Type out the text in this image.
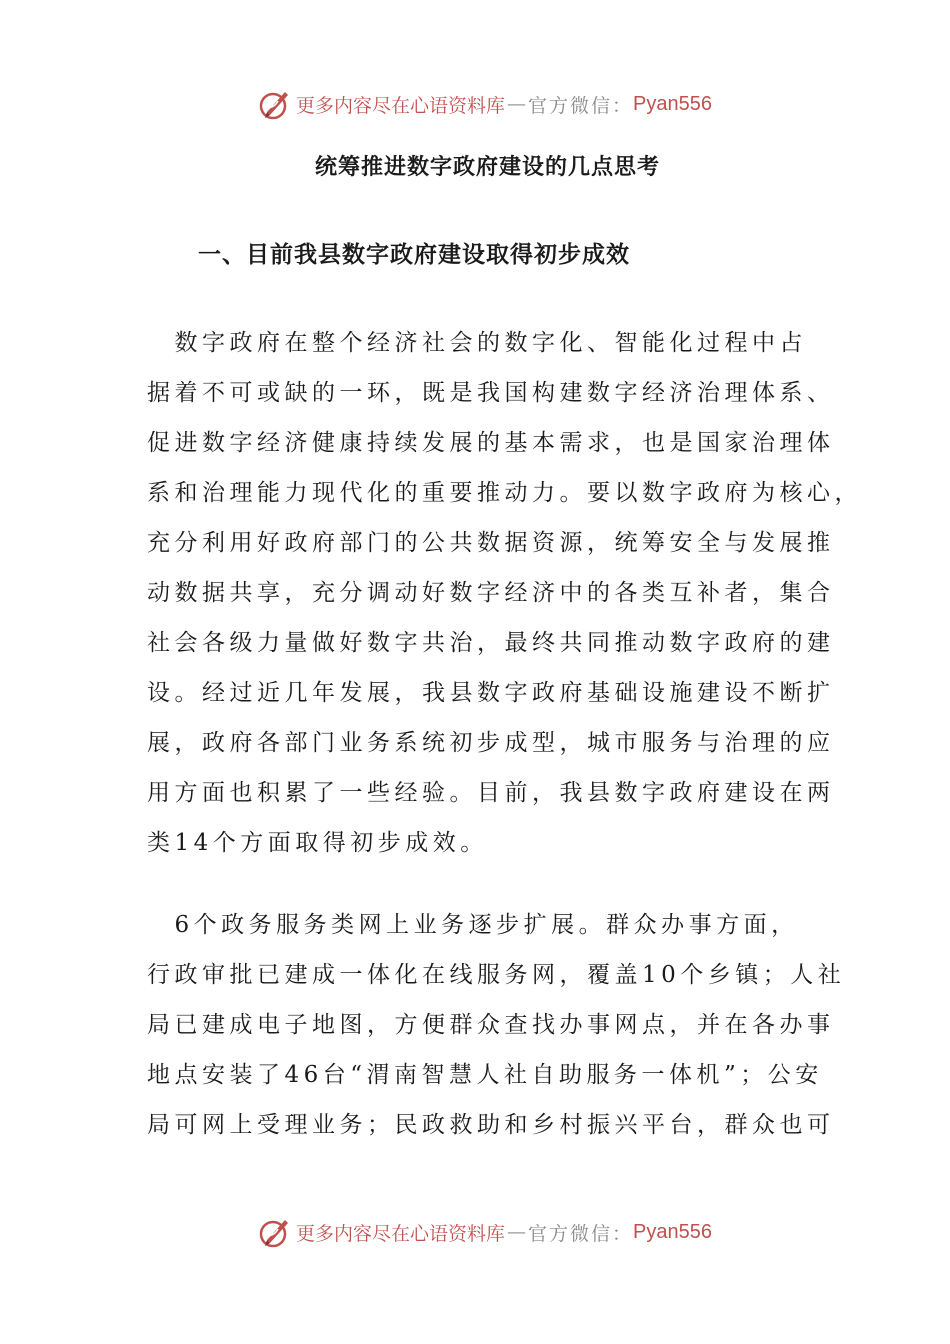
更多内容尽在心语资料库 — 官方微信： Pyan556
统筹推进数字政府建设的几点思考
一、目前我县数字政府建设取得初步成效

　数字政府在整个经济社会的数字化、智能化过程中占
据着不可或缺的一环，既是我国构建数字经济治理体系、
促进数字经济健康持续发展的基本需求，也是国家治理体
系和治理能力现代化的重要推动力。要以数字政府为核心，
充分利用好政府部门的公共数据资源，统筹安全与发展推
动数据共享，充分调动好数字经济中的各类互补者，集合
社会各级力量做好数字共治，最终共同推动数字政府的建
设。经过近几年发展，我县数字政府基础设施建设不断扩
展，政府各部门业务系统初步成型，城市服务与治理的应
用方面也积累了一些经验。目前，我县数字政府建设在两
类14个方面取得初步成效。

　6个政务服务类网上业务逐步扩展。群众办事方面，
行政审批已建成一体化在线服务网，覆盖10个乡镇；人社
局已建成电子地图，方便群众查找办事网点，并在各办事
地点安装了46台“渭南智慧人社自助服务一体机”；公安
局可网上受理业务；民政救助和乡村振兴平台，群众也可

更多内容尽在心语资料库 — 官方微信： Pyan556
